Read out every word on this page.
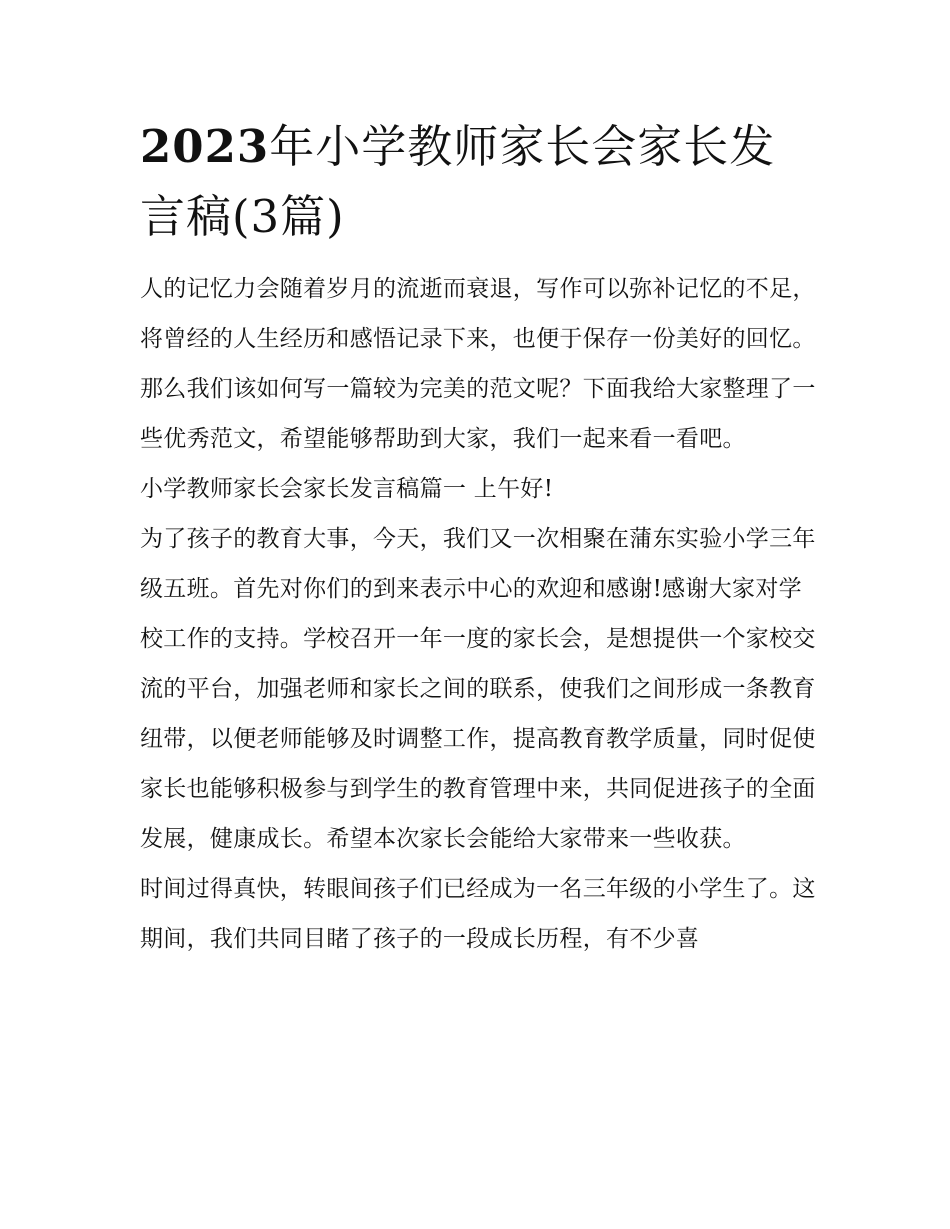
2023年小学教师家长会家长发言稿(3篇)

人的记忆力会随着岁月的流逝而衰退，写作可以弥补记忆的不足，将曾经的人生经历和感悟记录下来，也便于保存一份美好的回忆。那么我们该如何写一篇较为完美的范文呢？下面我给大家整理了一些优秀范文，希望能够帮助到大家，我们一起来看一看吧。

小学教师家长会家长发言稿篇一 上午好!

为了孩子的教育大事，今天，我们又一次相聚在蒲东实验小学三年级五班。首先对你们的到来表示中心的欢迎和感谢!感谢大家对学校工作的支持。学校召开一年一度的家长会，是想提供一个家校交流的平台，加强老师和家长之间的联系，使我们之间形成一条教育纽带，以便老师能够及时调整工作，提高教育教学质量，同时促使家长也能够积极参与到学生的教育管理中来，共同促进孩子的全面发展，健康成长。希望本次家长会能给大家带来一些收获。

时间过得真快，转眼间孩子们已经成为一名三年级的小学生了。这期间，我们共同目睹了孩子的一段成长历程，有不少喜
